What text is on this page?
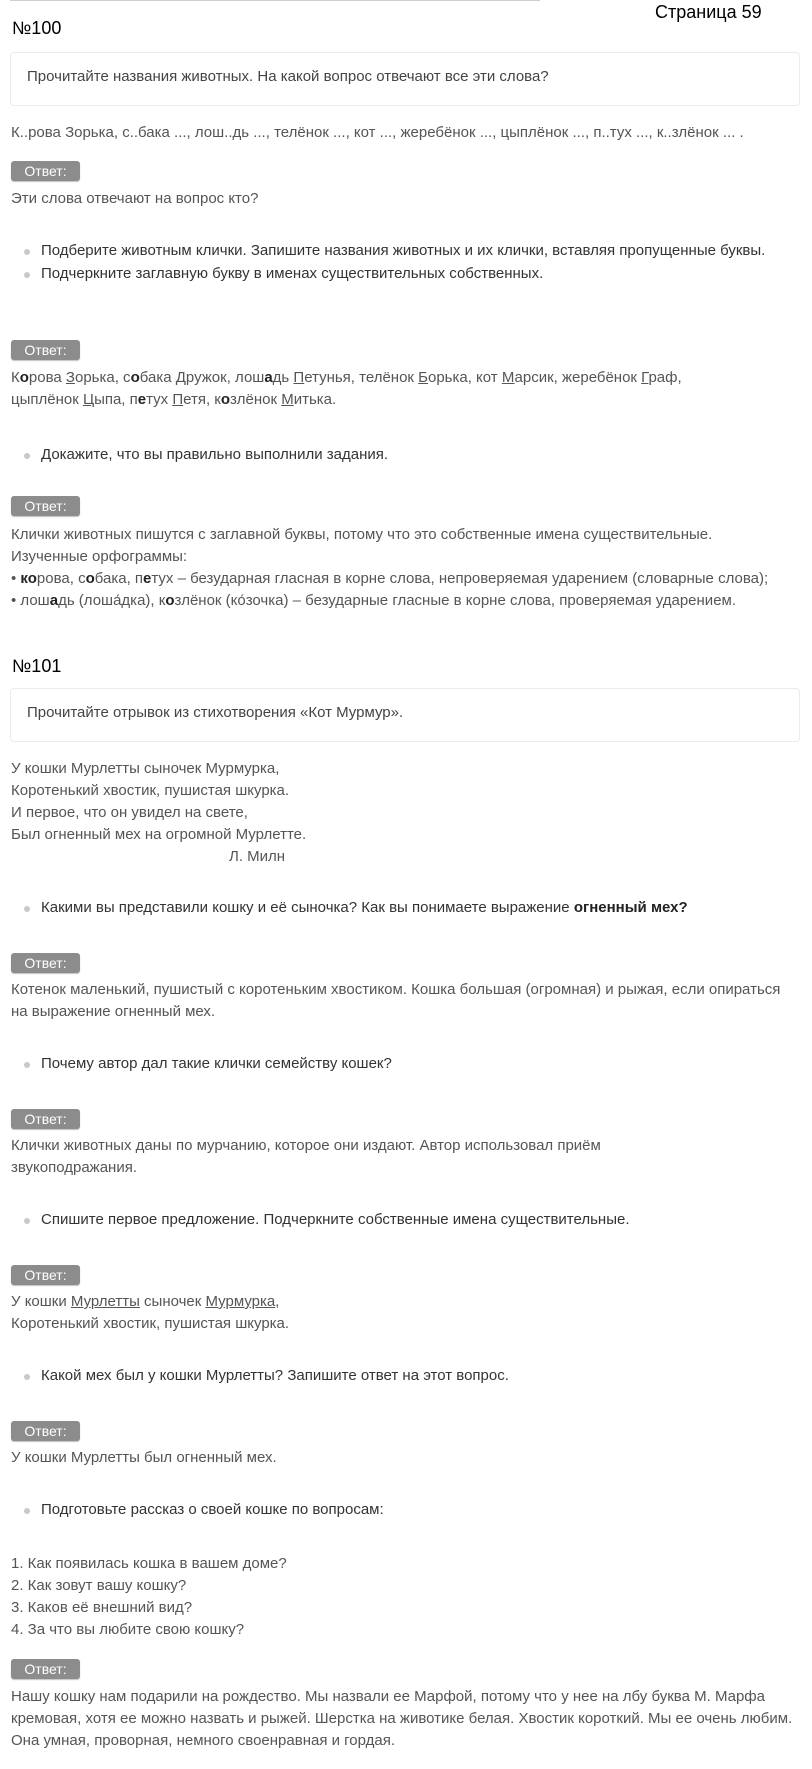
Страница 59
№100
Прочитайте названия животных. На какой вопрос отвечают все эти слова?
К..рова Зорька, с..бака ..., лош..дь ..., телёнок ..., кот ..., жеребёнок ..., цыплёнок ..., п..тух ..., к..злёнок ... .
Ответ:
Эти слова отвечают на вопрос кто?
Подберите животным клички. Запишите названия животных и их клички, вставляя пропущенные буквы.
Подчеркните заглавную букву в именах существительных собственных.
Ответ:
Корова Зорька, собака Дружок, лошадь Петунья, телёнок Борька, кот Марсик, жеребёнок Граф,
цыплёнок Цыпа, петух Петя, козлёнок Митька.
Докажите, что вы правильно выполнили задания.
Ответ:
Клички животных пишутся с заглавной буквы, потому что это собственные имена существительные.
Изученные орфограммы:
• корова, собака, петух – безударная гласная в корне слова, непроверяемая ударением (словарные слова);
• лошадь (лоша́дка), козлёнок (ко́зочка) – безударные гласные в корне слова, проверяемая ударением.
№101
Прочитайте отрывок из стихотворения «Кот Мурмур».
У кошки Мурлетты сыночек Мурмурка,
Коротенький хвостик, пушистая шкурка.
И первое, что он увидел на свете,
Был огненный мех на огромной Мурлетте.
Л. Милн
Какими вы представили кошку и её сыночка? Как вы понимаете выражение огненный мех?
Ответ:
Котенок маленький, пушистый с коротеньким хвостиком. Кошка большая (огромная) и рыжая, если опираться на выражение огненный мех.
Почему автор дал такие клички семейству кошек?
Ответ:
Клички животных даны по мурчанию, которое они издают. Автор использовал приём звукоподражания.
Спишите первое предложение. Подчеркните собственные имена существительные.
Ответ:
У кошки Мурлетты сыночек Мурмурка,
Коротенький хвостик, пушистая шкурка.
Какой мех был у кошки Мурлетты? Запишите ответ на этот вопрос.
Ответ:
У кошки Мурлетты был огненный мех.
Подготовьте рассказ о своей кошке по вопросам:
1. Как появилась кошка в вашем доме?
2. Как зовут вашу кошку?
3. Каков её внешний вид?
4. За что вы любите свою кошку?
Ответ:
Нашу кошку нам подарили на рождество. Мы назвали ее Марфой, потому что у нее на лбу буква М. Марфа кремовая, хотя ее можно назвать и рыжей. Шерстка на животике белая. Хвостик короткий. Мы ее очень любим. Она умная, проворная, немного своенравная и гордая.
